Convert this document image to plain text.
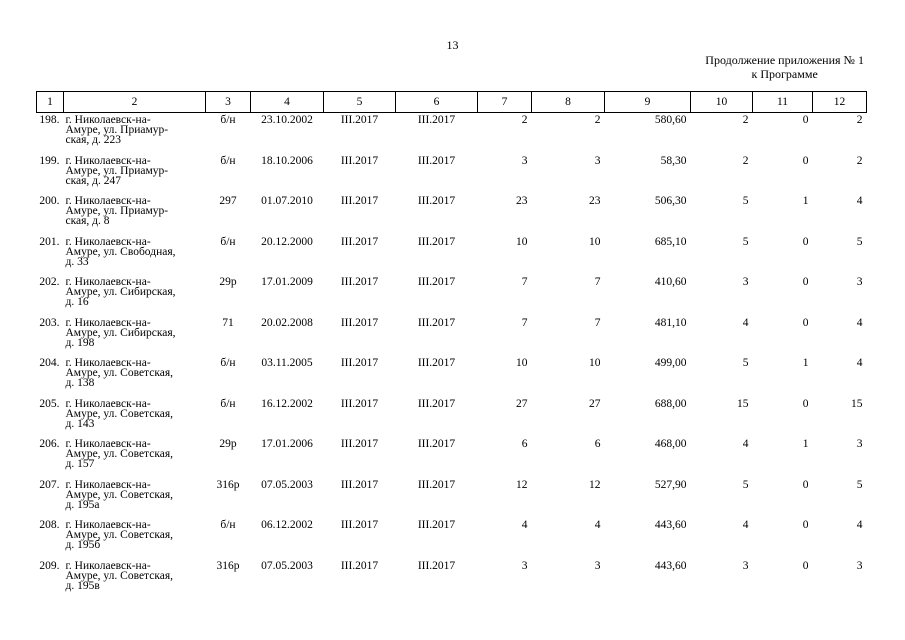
13
Продолжение приложения № 1
к Программе
1	2	3	4	5	6	7	8	9	10	11	12
198.	г. Николаевск-на-
Амуре, ул. Приамур-
ская, д. 223	б/н	23.10.2002	III.2017	III.2017	2	2	580,60	2	0	2
199.	г. Николаевск-на-
Амуре, ул. Приамур-
ская, д. 247	б/н	18.10.2006	III.2017	III.2017	3	3	58,30	2	0	2
200.	г. Николаевск-на-
Амуре, ул. Приамур-
ская, д. 8	297	01.07.2010	III.2017	III.2017	23	23	506,30	5	1	4
201.	г. Николаевск-на-
Амуре, ул. Свободная,
д. 33	б/н	20.12.2000	III.2017	III.2017	10	10	685,10	5	0	5
202.	г. Николаевск-на-
Амуре, ул. Сибирская,
д. 16	29р	17.01.2009	III.2017	III.2017	7	7	410,60	3	0	3
203.	г. Николаевск-на-
Амуре, ул. Сибирская,
д. 198	71	20.02.2008	III.2017	III.2017	7	7	481,10	4	0	4
204.	г. Николаевск-на-
Амуре, ул. Советская,
д. 138	б/н	03.11.2005	III.2017	III.2017	10	10	499,00	5	1	4
205.	г. Николаевск-на-
Амуре, ул. Советская,
д. 143	б/н	16.12.2002	III.2017	III.2017	27	27	688,00	15	0	15
206.	г. Николаевск-на-
Амуре, ул. Советская,
д. 157	29р	17.01.2006	III.2017	III.2017	6	6	468,00	4	1	3
207.	г. Николаевск-на-
Амуре, ул. Советская,
д. 195а	316р	07.05.2003	III.2017	III.2017	12	12	527,90	5	0	5
208.	г. Николаевск-на-
Амуре, ул. Советская,
д. 195б	б/н	06.12.2002	III.2017	III.2017	4	4	443,60	4	0	4
209.	г. Николаевск-на-
Амуре, ул. Советская,
д. 195в	316р	07.05.2003	III.2017	III.2017	3	3	443,60	3	0	3
